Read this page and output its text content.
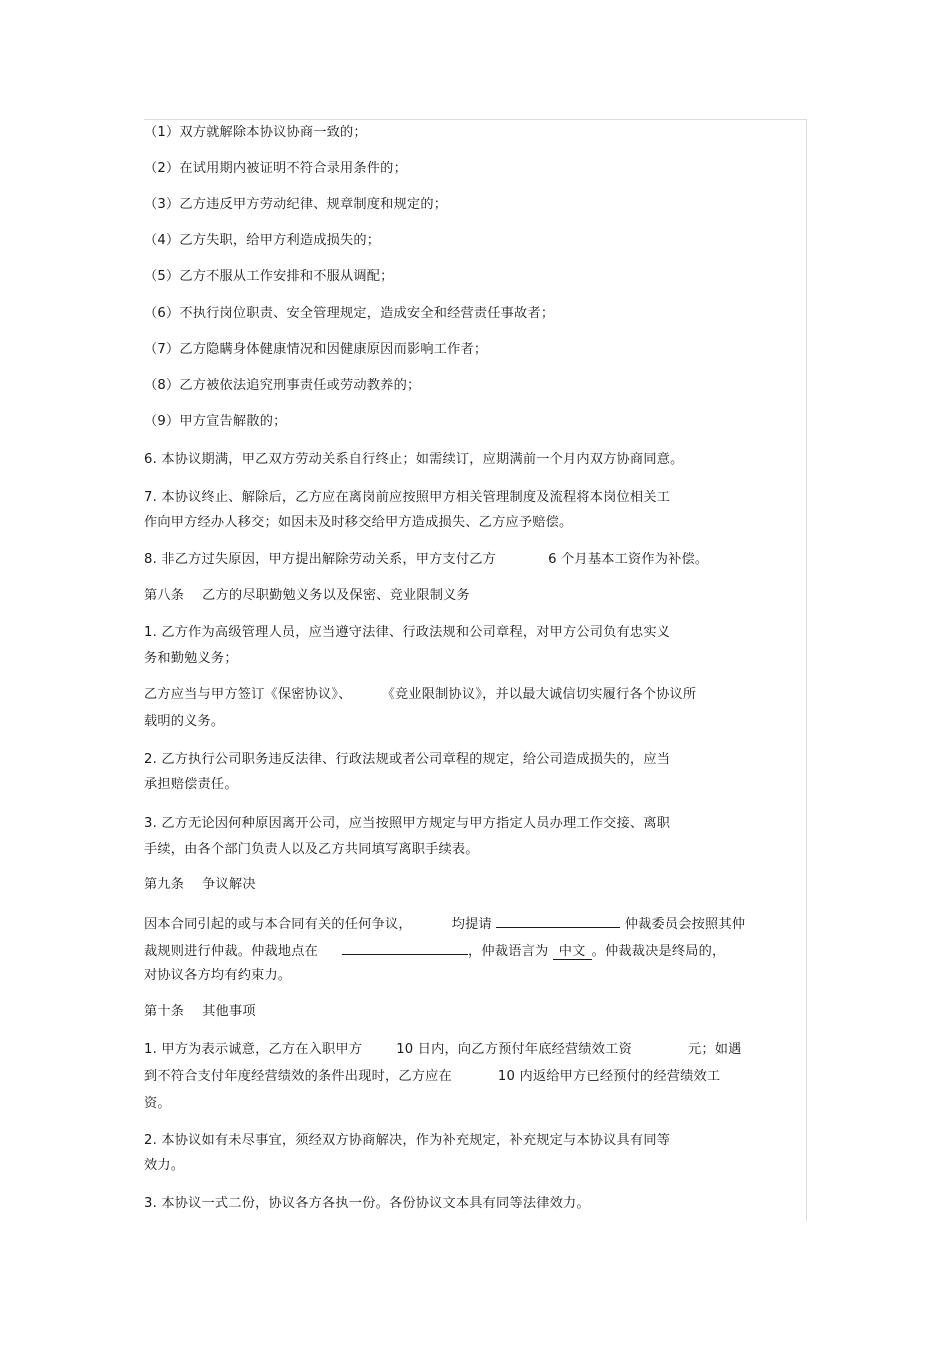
（1）双方就解除本协议协商一致的；
（2）在试用期内被证明不符合录用条件的；
（3）乙方违反甲方劳动纪律、规章制度和规定的；
（4）乙方失职，给甲方利造成损失的；
（5）乙方不服从工作安排和不服从调配；
（6）不执行岗位职责、安全管理规定，造成安全和经营责任事故者；
（7）乙方隐瞒身体健康情况和因健康原因而影响工作者；
（8）乙方被依法追究刑事责任或劳动教养的；
（9）甲方宣告解散的；
6. 本协议期满，甲乙双方劳动关系自行终止；如需续订，应期满前一个月内双方协商同意。
7. 本协议终止、解除后，乙方应在离岗前应按照甲方相关管理制度及流程将本岗位相关工
作向甲方经办人移交；如因未及时移交给甲方造成损失、乙方应予赔偿。
8. 非乙方过失原因，甲方提出解除劳动关系，甲方支付乙方	6 个月基本工资作为补偿。
第八条 乙方的尽职勤勉义务以及保密、竞业限制义务
1. 乙方作为高级管理人员，应当遵守法律、行政法规和公司章程，对甲方公司负有忠实义
务和勤勉义务；
乙方应当与甲方签订《保密协议》、 《竞业限制协议》，并以最大诚信切实履行各个协议所
载明的义务。
2. 乙方执行公司职务违反法律、行政法规或者公司章程的规定，给公司造成损失的，应当
承担赔偿责任。
3. 乙方无论因何种原因离开公司，应当按照甲方规定与甲方指定人员办理工作交接、离职
手续，由各个部门负责人以及乙方共同填写离职手续表。
第九条 争议解决
因本合同引起的或与本合同有关的任何争议，	均提请	仲裁委员会按照其仲
裁规则进行仲裁。仲裁地点在	，仲裁语言为 中文 。仲裁裁决是终局的，
对协议各方均有约束力。
第十条 其他事项
1. 甲方为表示诚意，乙方在入职甲方	10 日内，向乙方预付年底经营绩效工资	元；如遇
到不符合支付年度经营绩效的条件出现时，乙方应在	10 内返给甲方已经预付的经营绩效工
资。
2. 本协议如有未尽事宜，须经双方协商解决，作为补充规定，补充规定与本协议具有同等
效力。
3. 本协议一式二份，协议各方各执一份。各份协议文本具有同等法律效力。
